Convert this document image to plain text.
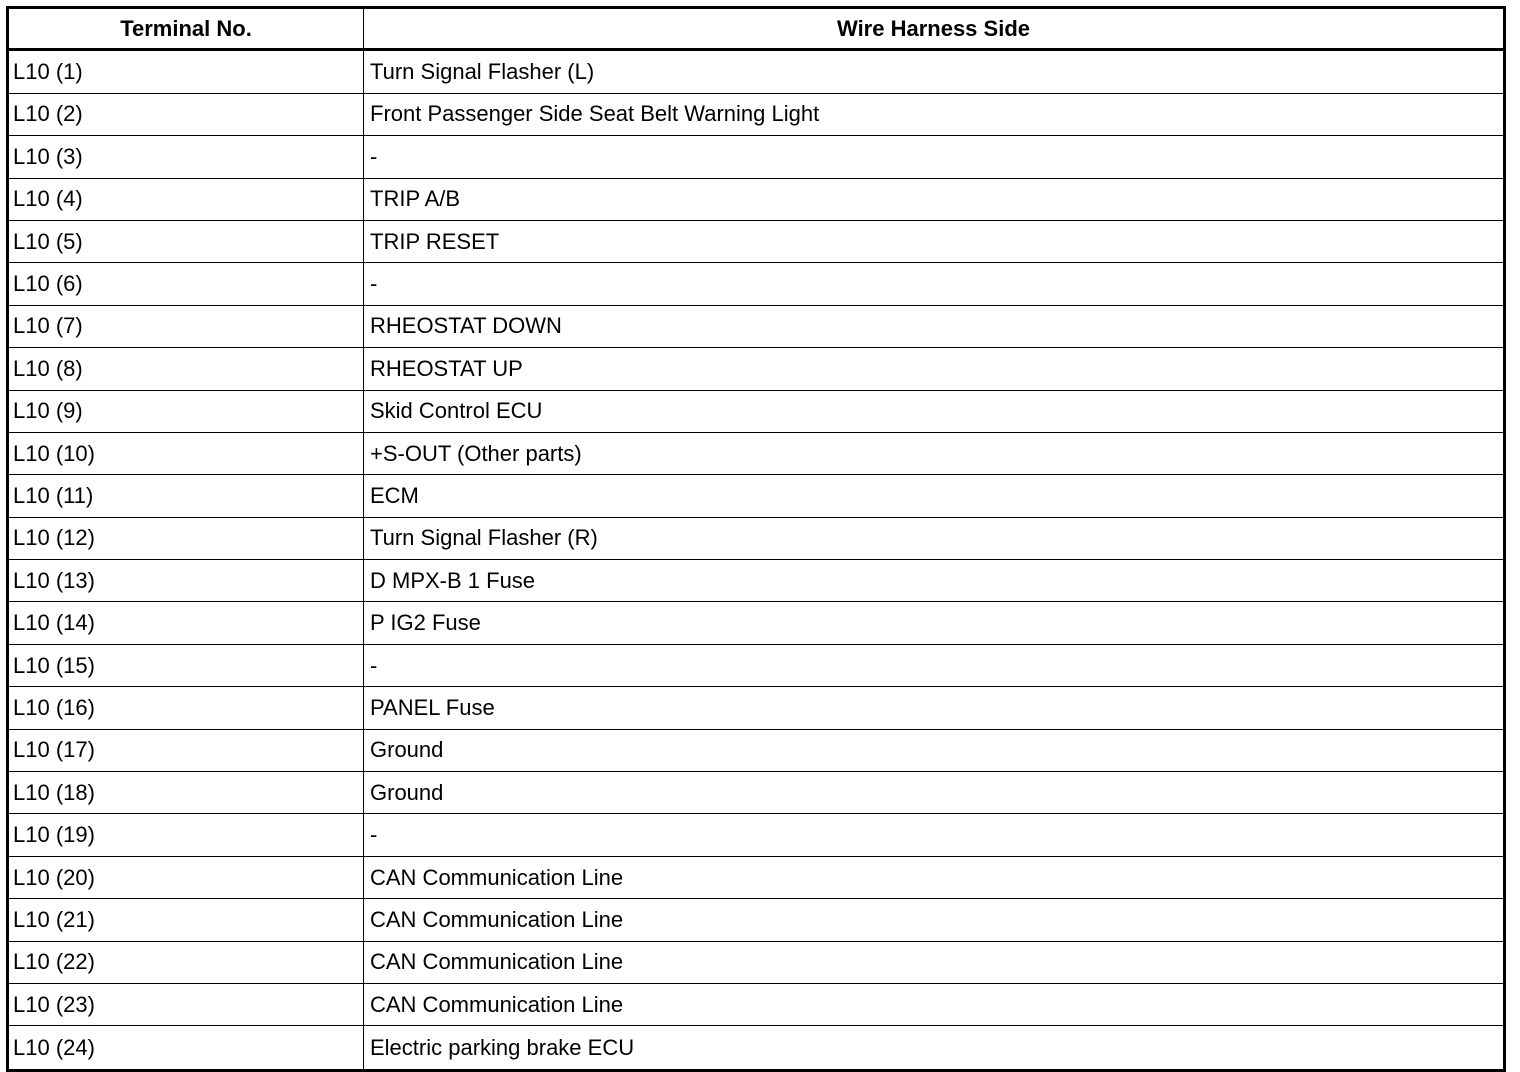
Terminal No.	Wire Harness Side
L10 (1)	Turn Signal Flasher (L)
L10 (2)	Front Passenger Side Seat Belt Warning Light
L10 (3)	-
L10 (4)	TRIP A/B
L10 (5)	TRIP RESET
L10 (6)	-
L10 (7)	RHEOSTAT DOWN
L10 (8)	RHEOSTAT UP
L10 (9)	Skid Control ECU
L10 (10)	+S-OUT (Other parts)
L10 (11)	ECM
L10 (12)	Turn Signal Flasher (R)
L10 (13)	D MPX-B 1 Fuse
L10 (14)	P IG2 Fuse
L10 (15)	-
L10 (16)	PANEL Fuse
L10 (17)	Ground
L10 (18)	Ground
L10 (19)	-
L10 (20)	CAN Communication Line
L10 (21)	CAN Communication Line
L10 (22)	CAN Communication Line
L10 (23)	CAN Communication Line
L10 (24)	Electric parking brake ECU
